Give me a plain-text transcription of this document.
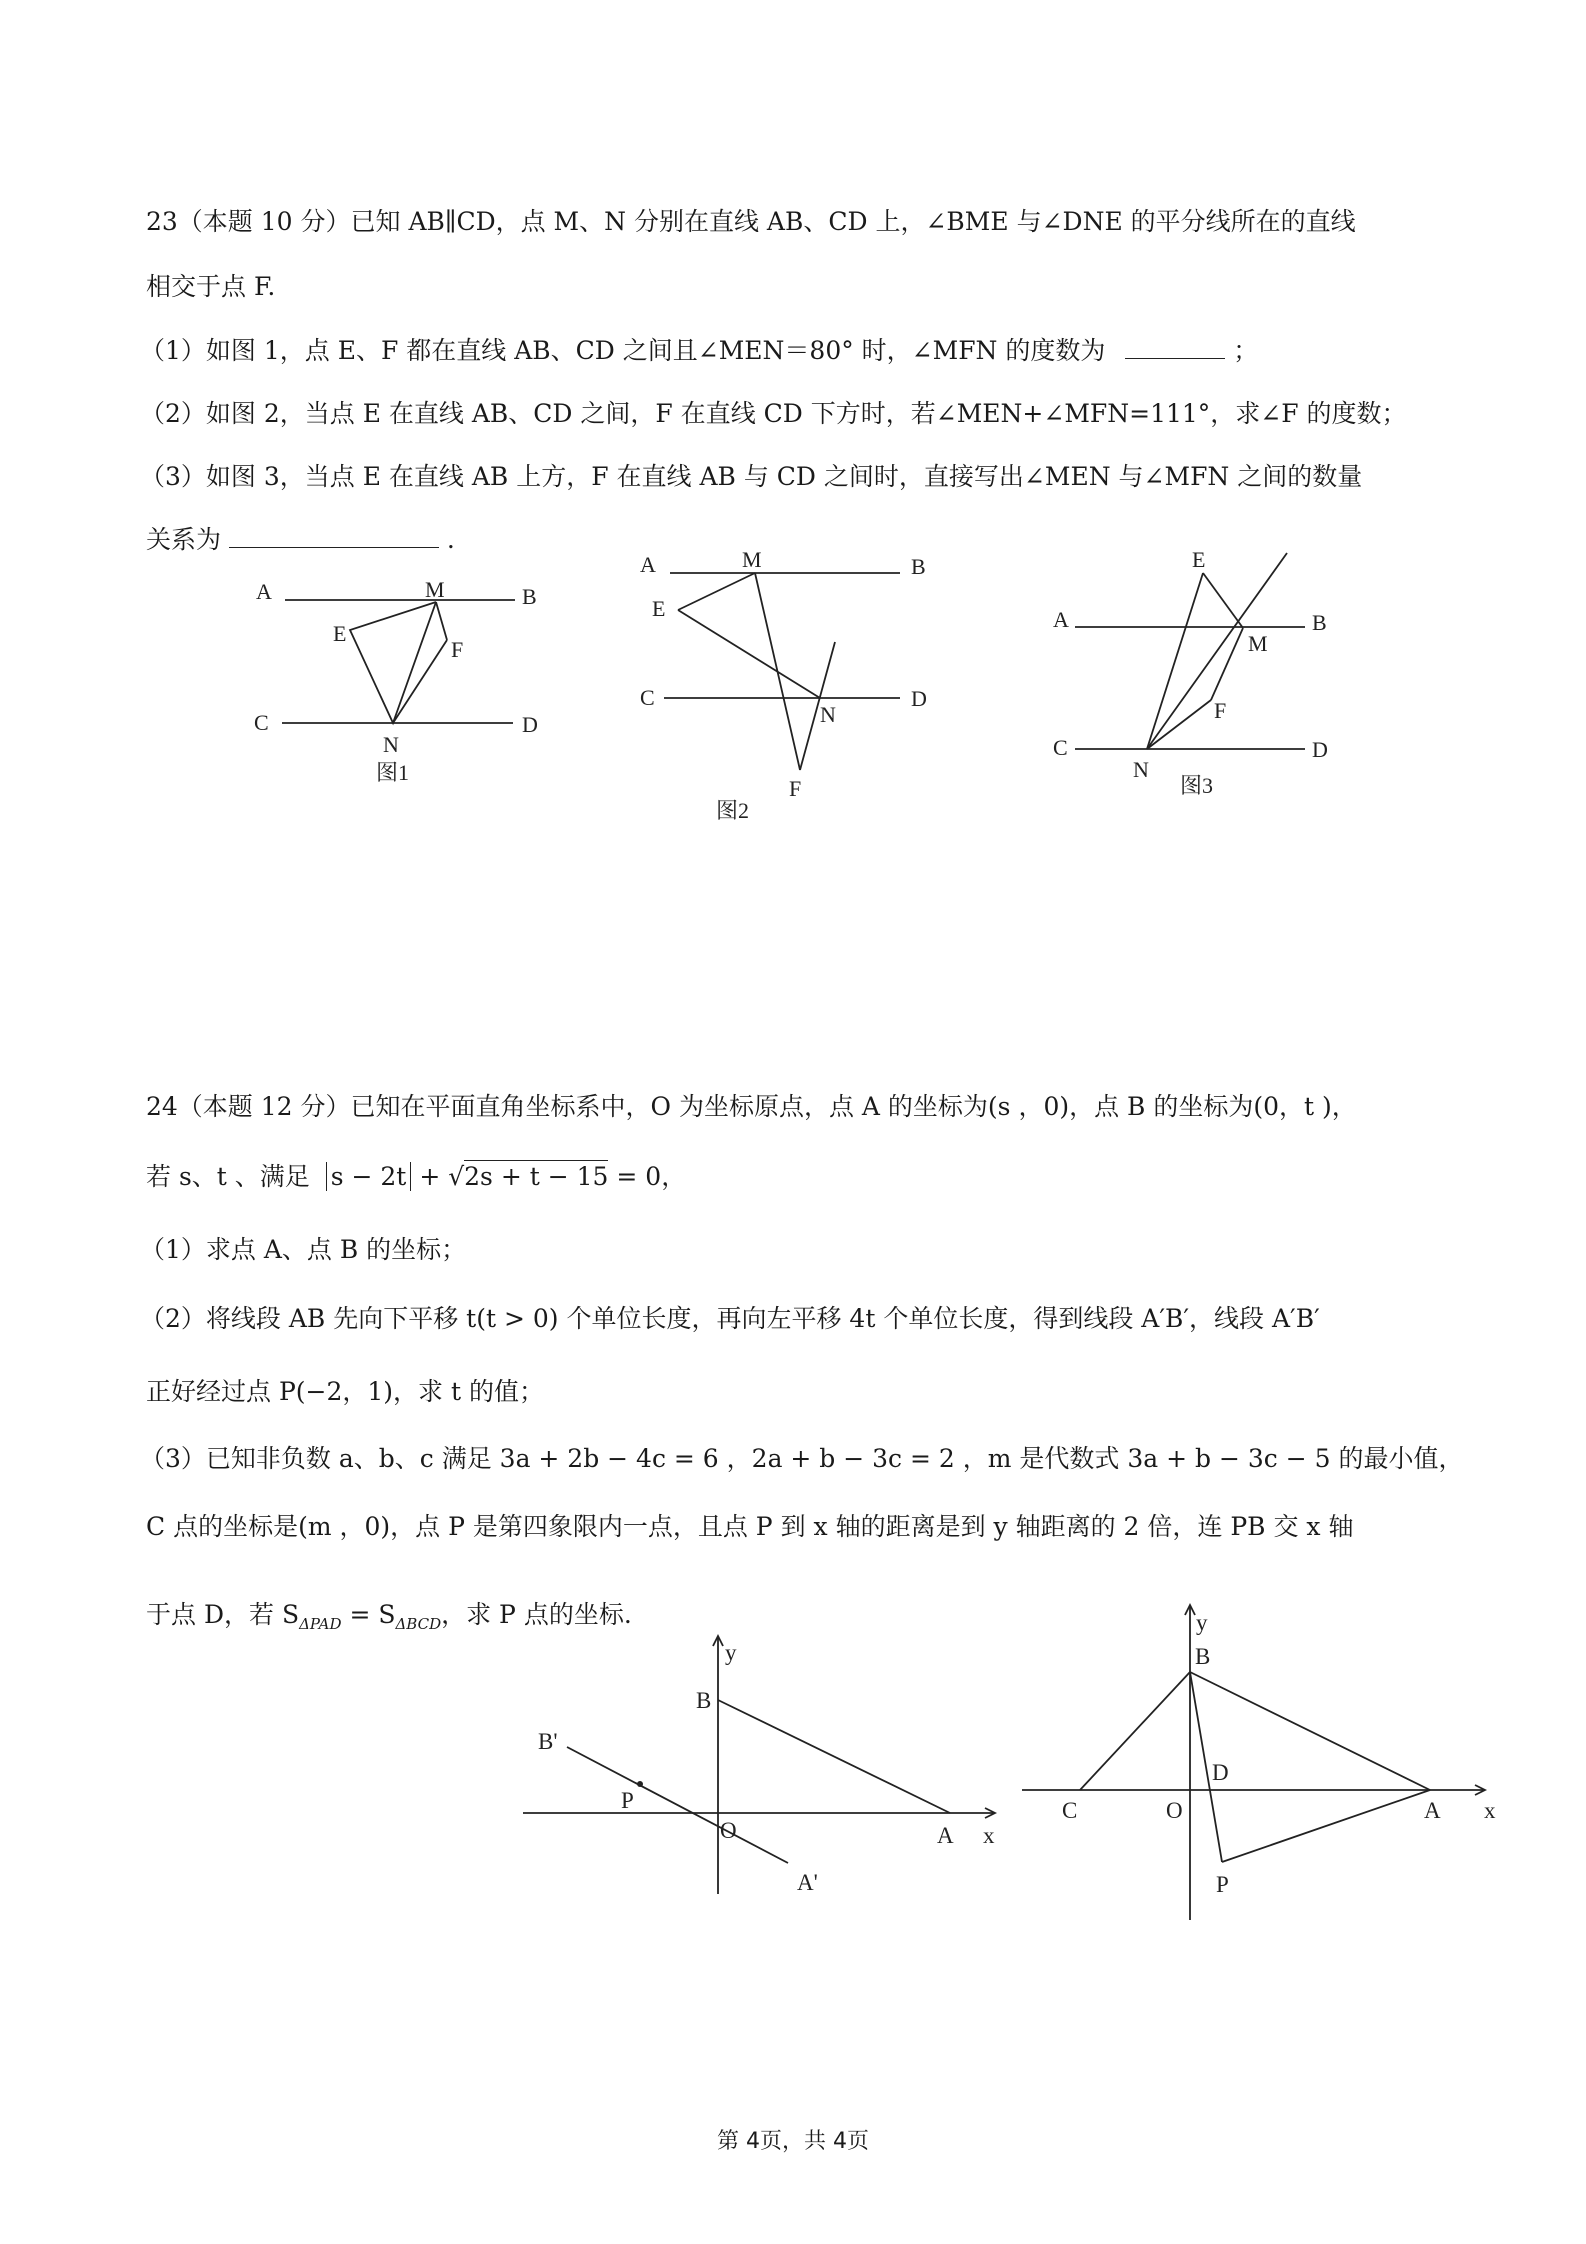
23（本题 10 分）已知 AB∥CD，点 M、N 分别在直线 AB、CD 上，∠BME 与∠DNE 的平分线所在的直线
相交于点 F.
（1）如图 1，点 E、F 都在直线 AB、CD 之间且∠MEN＝80° 时，∠MFN 的度数为	；
（2）如图 2，当点 E 在直线 AB、CD 之间，F 在直线 CD 下方时，若∠MEN+∠MFN=111°，求∠F 的度数；
（3）如图 3，当点 E 在直线 AB 上方，F 在直线 AB 与 CD 之间时，直接写出∠MEN 与∠MFN 之间的数量
关系为	.
24（本题 12 分）已知在平面直角坐标系中，O 为坐标原点，点 A 的坐标为(s ，0)，点 B 的坐标为(0，t )，
若 s、t 、满足 s − 2t + √2s + t − 15 = 0，
（1）求点 A、点 B 的坐标；
（2）将线段 AB 先向下平移 t(t > 0) 个单位长度，再向左平移 4t 个单位长度，得到线段 A′B′，线段 A′B′
正好经过点 P(−2，1)，求 t 的值；
（3）已知非负数 a、b、c 满足 3a + 2b − 4c = 6 ，2a + b − 3c = 2 ，m 是代数式 3a + b − 3c − 5 的最小值，
C 点的坐标是(m ，0)，点 P 是第四象限内一点，且点 P 到 x 轴的距离是到 y 轴距离的 2 倍，连 PB 交 x 轴
于点 D，若 $S_{\Delta PAD} = S_{\Delta BCD}$，求 P 点的坐标.
A	B
C	D
M
N
E
F
图1
A	B
C	D
M
N
E
F
图2
A	B
C	D
M
N
E
F
图3
y
x
B
B'
P
O	A
A'
y
x
B
C	O
D
A
P
第 4页，共 4页
